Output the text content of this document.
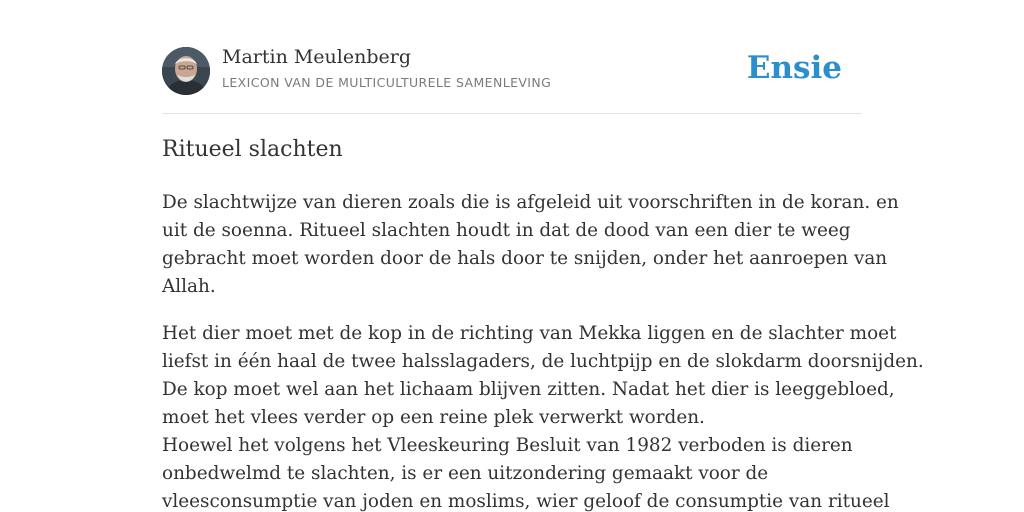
Martin Meulenberg
LEXICON VAN DE MULTICULTURELE SAMENLEVING	Ensie
Ritueel slachten

De slachtwijze van dieren zoals die is afgeleid uit voorschriften in de koran. en
uit de soenna. Ritueel slachten houdt in dat de dood van een dier te weeg
gebracht moet worden door de hals door te snijden, onder het aanroepen van
Allah.

Het dier moet met de kop in de richting van Mekka liggen en de slachter moet
liefst in één haal de twee halsslagaders, de luchtpijp en de slokdarm doorsnijden.
De kop moet wel aan het lichaam blijven zitten. Nadat het dier is leeggebloed,
moet het vlees verder op een reine plek verwerkt worden.
Hoewel het volgens het Vleeskeuring Besluit van 1982 verboden is dieren
onbedwelmd te slachten, is er een uitzondering gemaakt voor de
vleesconsumptie van joden en moslims, wier geloof de consumptie van ritueel
